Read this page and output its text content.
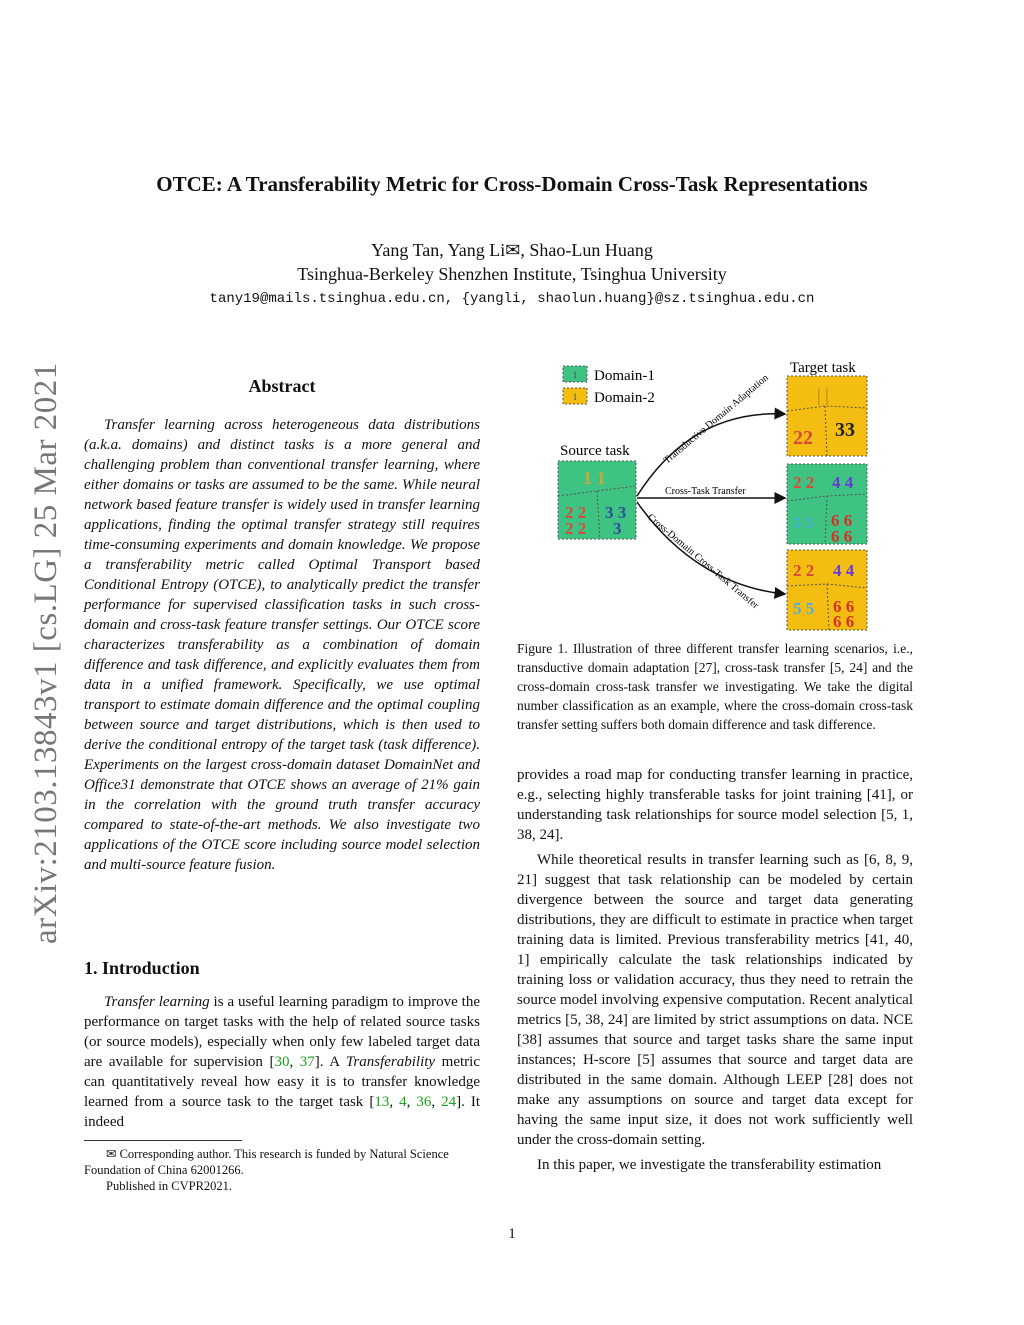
OTCE: A Transferability Metric for Cross-Domain Cross-Task Representations
Yang Tan, Yang Li✉, Shao-Lun Huang
Tsinghua-Berkeley Shenzhen Institute, Tsinghua University
tany19@mails.tsinghua.edu.cn, {yangli, shaolun.huang}@sz.tsinghua.edu.cn
arXiv:2103.13843v1 [cs.LG] 25 Mar 2021	Abstract
Transfer learning across heterogeneous data distributions (a.k.a. domains) and distinct tasks is a more general and challenging problem than conventional transfer learning, where either domains or tasks are assumed to be the same. While neural network based feature transfer is widely used in transfer learning applications, finding the optimal transfer strategy still requires time-consuming experiments and domain knowledge. We propose a transferability metric called Optimal Transport based Conditional Entropy (OTCE), to analytically predict the transfer performance for supervised classification tasks in such cross-domain and cross-task feature transfer settings. Our OTCE score characterizes transferability as a combination of domain difference and task difference, and explicitly evaluates them from data in a unified framework. Specifically, we use optimal transport to estimate domain difference and the optimal coupling between source and target distributions, which is then used to derive the conditional entropy of the target task (task difference). Experiments on the largest cross-domain dataset DomainNet and Office31 demonstrate that OTCE shows an average of 21% gain in the correlation with the ground truth transfer accuracy compared to state-of-the-art methods. We also investigate two applications of the OTCE score including source model selection and multi-source feature fusion.
1. Introduction
Transfer learning is a useful learning paradigm to improve the performance on target tasks with the help of related source tasks (or source models), especially when only few labeled target data are available for supervision [30, 37]. A Transferability metric can quantitatively reveal how easy it is to transfer knowledge learned from a source task to the target task [13, 4, 36, 24]. It indeed

✉ Corresponding author. This research is funded by Natural Science Foundation of China 62001266.

Published in CVPR2021.

1 Domain-1
1 Domain-2
Source task
1 1
2 2
2 2
3 3
3
Target task
| |
22 33
2 2 4 4
5 5 6 6
6 6
2 2 4 4
5 5 6 6
6 6
Transductive Domain Adaptation
Cross-Task Transfer
Cross-Domain Cross-Task Transfer
Figure 1. Illustration of three different transfer learning scenarios, i.e., transductive domain adaptation [27], cross-task transfer [5, 24] and the cross-domain cross-task transfer we investigating. We take the digital number classification as an example, where the cross-domain cross-task transfer setting suffers both domain difference and task difference.

provides a road map for conducting transfer learning in practice, e.g., selecting highly transferable tasks for joint training [41], or understanding task relationships for source model selection [5, 1, 38, 24].

While theoretical results in transfer learning such as [6, 8, 9, 21] suggest that task relationship can be modeled by certain divergence between the source and target data generating distributions, they are difficult to estimate in practice when target training data is limited. Previous transferability metrics [41, 40, 1] empirically calculate the task relationships indicated by training loss or validation accuracy, thus they need to retrain the source model involving expensive computation. Recent analytical metrics [5, 38, 24] are limited by strict assumptions on data. NCE [38] assumes that source and target tasks share the same input instances; H-score [5] assumes that source and target data are distributed in the same domain. Although LEEP [28] does not make any assumptions on source and target data except for having the same input size, it does not work sufficiently well under the cross-domain setting.

In this paper, we investigate the transferability estimation

1
